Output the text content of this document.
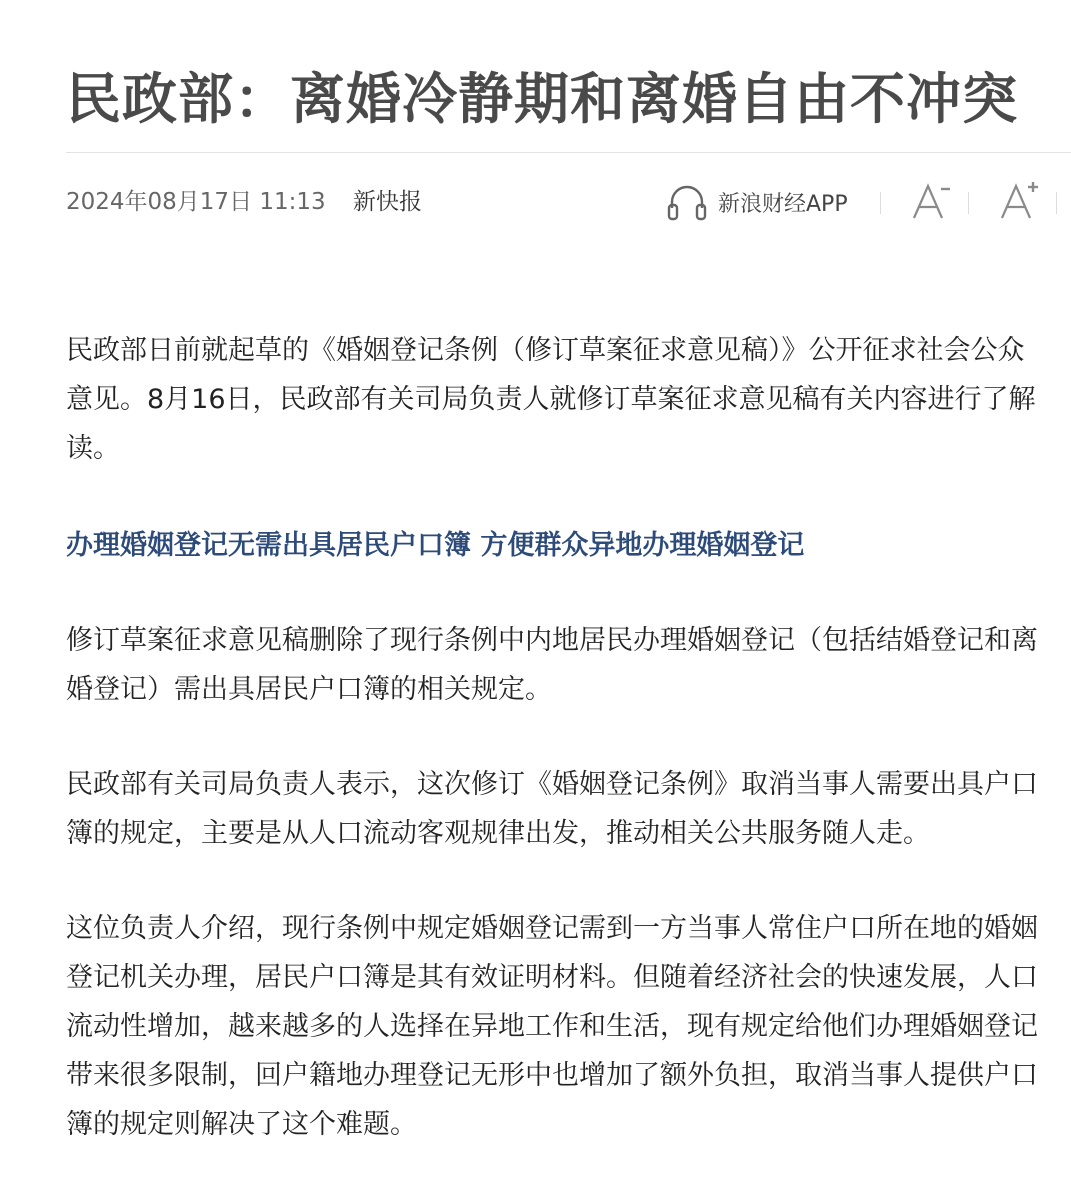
民政部：离婚冷静期和离婚自由不冲突
2024年08月17日 11:13 新快报	新浪财经APP

民政部日前就起草的《婚姻登记条例（修订草案征求意见稿）》公开征求社会公众意见。8月16日，民政部有关司局负责人就修订草案征求意见稿有关内容进行了解读。

办理婚姻登记无需出具居民户口簿 方便群众异地办理婚姻登记

修订草案征求意见稿删除了现行条例中内地居民办理婚姻登记（包括结婚登记和离婚登记）需出具居民户口簿的相关规定。

民政部有关司局负责人表示，这次修订《婚姻登记条例》取消当事人需要出具户口簿的规定，主要是从人口流动客观规律出发，推动相关公共服务随人走。

这位负责人介绍，现行条例中规定婚姻登记需到一方当事人常住户口所在地的婚姻登记机关办理，居民户口簿是其有效证明材料。但随着经济社会的快速发展，人口流动性增加，越来越多的人选择在异地工作和生活，现有规定给他们办理婚姻登记带来很多限制，回户籍地办理登记无形中也增加了额外负担，取消当事人提供户口簿的规定则解决了这个难题。
